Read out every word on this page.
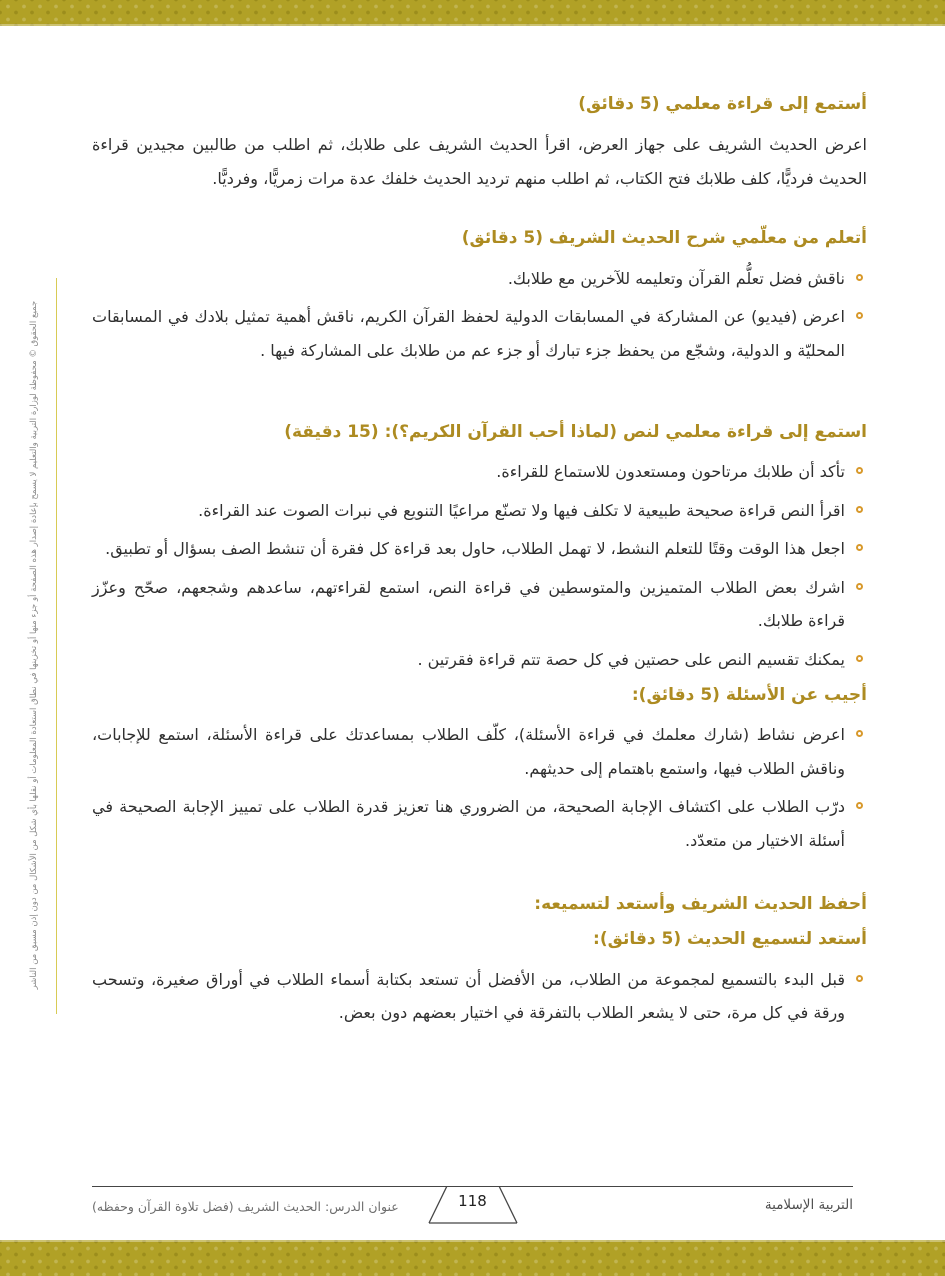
جميع الحقوق © محفوظة لوزارة التربية والتعليم لا يسمح بإعادة إصدار هذه الصفحة أو جزء منها أو تخزينها في نطاق استعادة المعلومات أو نقلها بأي شكل من الأشكال من دون إذن مسبق من الناشر
أستمع إلى قراءة معلمي (5 دقائق)

اعرض الحديث الشريف على جهاز العرض، اقرأ الحديث الشريف على طلابك، ثم اطلب من طالبين مجيدين قراءة الحديث فرديًّا، كلف طلابك فتح الكتاب، ثم اطلب منهم ترديد الحديث خلفك عدة مرات زمريًّا، وفرديًّا.

أتعلم من معلّمي شرح الحديث الشريف (5 دقائق)
ناقش فضل تعلُّم القرآن وتعليمه للآخرين مع طلابك.
اعرض (فيديو) عن المشاركة في المسابقات الدولية لحفظ القرآن الكريم، ناقش أهمية تمثيل بلادك في المسابقات المحليّة و الدولية، وشجّع من يحفظ جزء تبارك أو جزء عم من طلابك على المشاركة فيها .
استمع إلى قراءة معلمي لنص (لماذا أحب القرآن الكريم؟): (15 دقيقة)
تأكد أن طلابك مرتاحون ومستعدون للاستماع للقراءة.
اقرأ النص قراءة صحيحة طبيعية لا تكلف فيها ولا تصنّع مراعيًا التنويع في نبرات الصوت عند القراءة.
اجعل هذا الوقت وقتًا للتعلم النشط، لا تهمل الطلاب، حاول بعد قراءة كل فقرة أن تنشط الصف بسؤال أو تطبيق.
اشرك بعض الطلاب المتميزين والمتوسطين في قراءة النص، استمع لقراءتهم، ساعدهم وشجعهم، صحّح وعزّز قراءة طلابك.
يمكنك تقسيم النص على حصتين في كل حصة تتم قراءة فقرتين .
أجيب عن الأسئلة (5 دقائق):
اعرض نشاط (شارك معلمك في قراءة الأسئلة)، كلّف الطلاب بمساعدتك على قراءة الأسئلة، استمع للإجابات، وناقش الطلاب فيها، واستمع باهتمام إلى حديثهم.
درّب الطلاب على اكتشاف الإجابة الصحيحة، من الضروري هنا تعزيز قدرة الطلاب على تمييز الإجابة الصحيحة في أسئلة الاختيار من متعدّد.
أحفظ الحديث الشريف وأستعد لتسميعه:
أستعد لتسميع الحديث (5 دقائق):
قبل البدء بالتسميع لمجموعة من الطلاب، من الأفضل أن تستعد بكتابة أسماء الطلاب في أوراق صغيرة، وتسحب ورقة في كل مرة، حتى لا يشعر الطلاب بالتفرقة في اختيار بعضهم دون بعض.
118	التربية الإسلامية
عنوان الدرس: الحديث الشريف (فضل تلاوة القرآن وحفظه)
